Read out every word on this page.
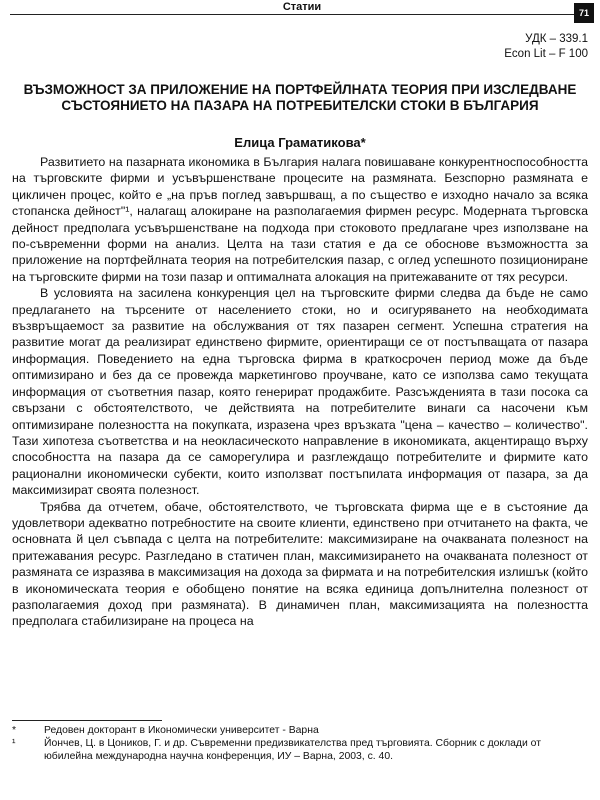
Статии	71
УДК – 339.1
Econ Lit – F 100
ВЪЗМОЖНОСТ ЗА ПРИЛОЖЕНИЕ НА ПОРТФЕЙЛНАТА ТЕОРИЯ ПРИ ИЗСЛЕДВАНЕ СЪСТОЯНИЕТО НА ПАЗАРА НА ПОТРЕБИТЕЛСКИ СТОКИ В БЪЛГАРИЯ
Елица Граматикова*

Развитието на пазарната икономика в България налага повишаване конкурентноспособността на търговските фирми и усъвършенстване процесите на размяната. Безспорно размяната е цикличен процес, който е „на пръв поглед завършващ, а по същество е изходно начало за всяка стопанска дейност"¹, налагащ алокиране на разполагаемия фирмен ресурс. Модерната търговска дейност предполага усъвършенстване на подхода при стоковото предлагане чрез използване на по-съвременни форми на анализ. Целта на тази статия е да се обоснове възможността за приложение на портфейлната теория на потребителския пазар, с оглед успешното позициониране на търговските фирми на този пазар и оптималната алокация на притежаваните от тях ресурси.

В условията на засилена конкуренция цел на търговските фирми следва да бъде не само предлагането на търсените от населението стоки, но и осигуряването на необходимата възвръщаемост за развитие на обслужвания от тях пазарен сегмент. Успешна стратегия на развитие могат да реализират единствено фирмите, ориентиращи се от постъпващата от пазара информация. Поведението на една търговска фирма в краткосрочен период може да бъде оптимизирано и без да се провежда маркетингово проучване, като се използва само текущата информация от съответния пазар, която генерират продажбите. Разсъжденията в тази посока са свързани с обстоятелството, че действията на потребителите винаги са насочени към оптимизиране полезността на покупката, изразена чрез връзката "цена – качество – количество". Тази хипотеза съответства и на неокласическото направление в икономиката, акцентиращо върху способността на пазара да се саморегулира и разглеждащо потребителите и фирмите като рационални икономически субекти, които използват постъпилата информация от пазара, за да максимизират своята полезност.

Трябва да отчетем, обаче, обстоятелството, че търговската фирма ще е в състояние да удовлетвори адекватно потребностите на своите клиенти, единствено при отчитането на факта, че основната й цел съвпада с целта на потребителите: максимизиране на очакваната полезност на притежавания ресурс. Разгледано в статичен план, максимизирането на очакваната полезност от размяната се изразява в максимизация на дохода за фирмата и на потребителския излишък (който в икономическата теория е обобщено понятие на всяка единица допълнителна полезност от разполагаемия доход при размяната). В динамичен план, максимизацията на полезността предполага стабилизиране на процеса на

*	Редовен докторант в Икономически университет - Варна
¹	Йончев, Ц. в Цоников, Г. и др. Съвременни предизвикателства пред търговията. Сборник с доклади от юбилейна международна научна конференция, ИУ – Варна, 2003, с. 40.
